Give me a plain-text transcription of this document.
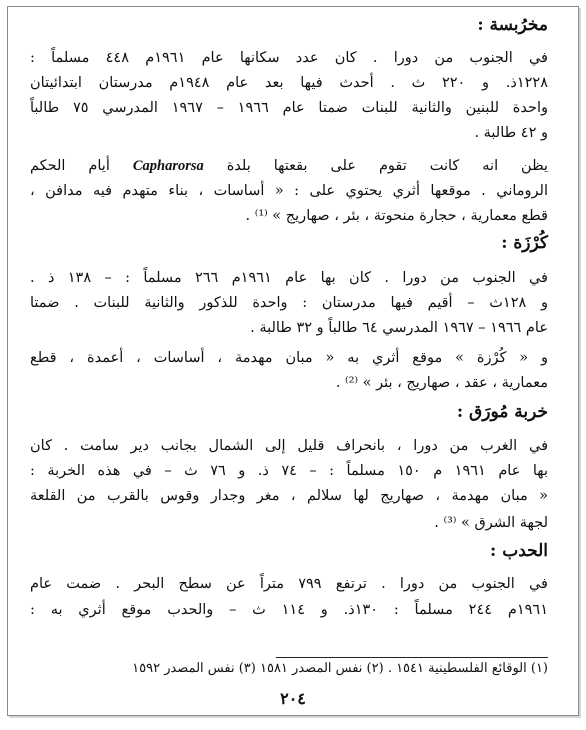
مخرُبسة :
في الجنوب من دورا . كان عدد سكانها عام ١٩٦١م ٤٤٨ مسلماً :
١٢٢٨ذ. و ٢٢٠ ث . أحدث فيها بعد عام ١٩٤٨م مدرستان ابتدائيتان
واحدة للبنين والثانية للبنات ضمتا عام ١٩٦٦ – ١٩٦٧ المدرسي ٧٥ طالباً
و ٤٢ طالبة .
يظن انه كانت تقوم على بقعتها بلدة Capharorsa أيام الحكم
الروماني . موقعها أثري يحتوي على : « أساسات ، بناء متهدم فيه مدافن ،
قطع معمارية ، حجارة منحوتة ، بئر ، صهاريج » ⁽¹⁾ .
كُرْزَة :
في الجنوب من دورا . كان بها عام ١٩٦١م ٢٦٦ مسلماً : – ١٣٨ ذ .
و ١٢٨ث – أقيم فيها مدرستان : واحدة للذكور والثانية للبنات . ضمتا
عام ١٩٦٦ – ١٩٦٧ المدرسي ٦٤ طالباً و ٣٢ طالبة .
و « كُرْزة » موقع أثري به « مبان مهدمة ، أساسات ، أعمدة ، قطع
معمارية ، عقد ، صهاريج ، بئر » ⁽²⁾ .
خربة مُورَق :
في الغرب من دورا ، بانحراف قليل إلى الشمال بجانب دير سامت . كان
بها عام ١٩٦١ م ١٥٠ مسلماً : – ٧٤ ذ. و ٧٦ ث – في هذه الخربة :
« مبان مهدمة ، صهاريج لها سلالم ، مغر وجدار وقوس بالقرب من القلعة
لجهة الشرق » ⁽³⁾ .
الحدب :
في الجنوب من دورا . ترتفع ٧٩٩ متراً عن سطح البحر . ضمت عام
١٩٦١م ٢٤٤ مسلماً : ١٣٠ذ. و ١١٤ ث – والحدب موقع أثري به :
(١) الوقائع الفلسطينية ١٥٤١ . (٢) نفس المصدر ١٥٨١ (٣) نفس المصدر ١٥٩٢
٢٠٤
